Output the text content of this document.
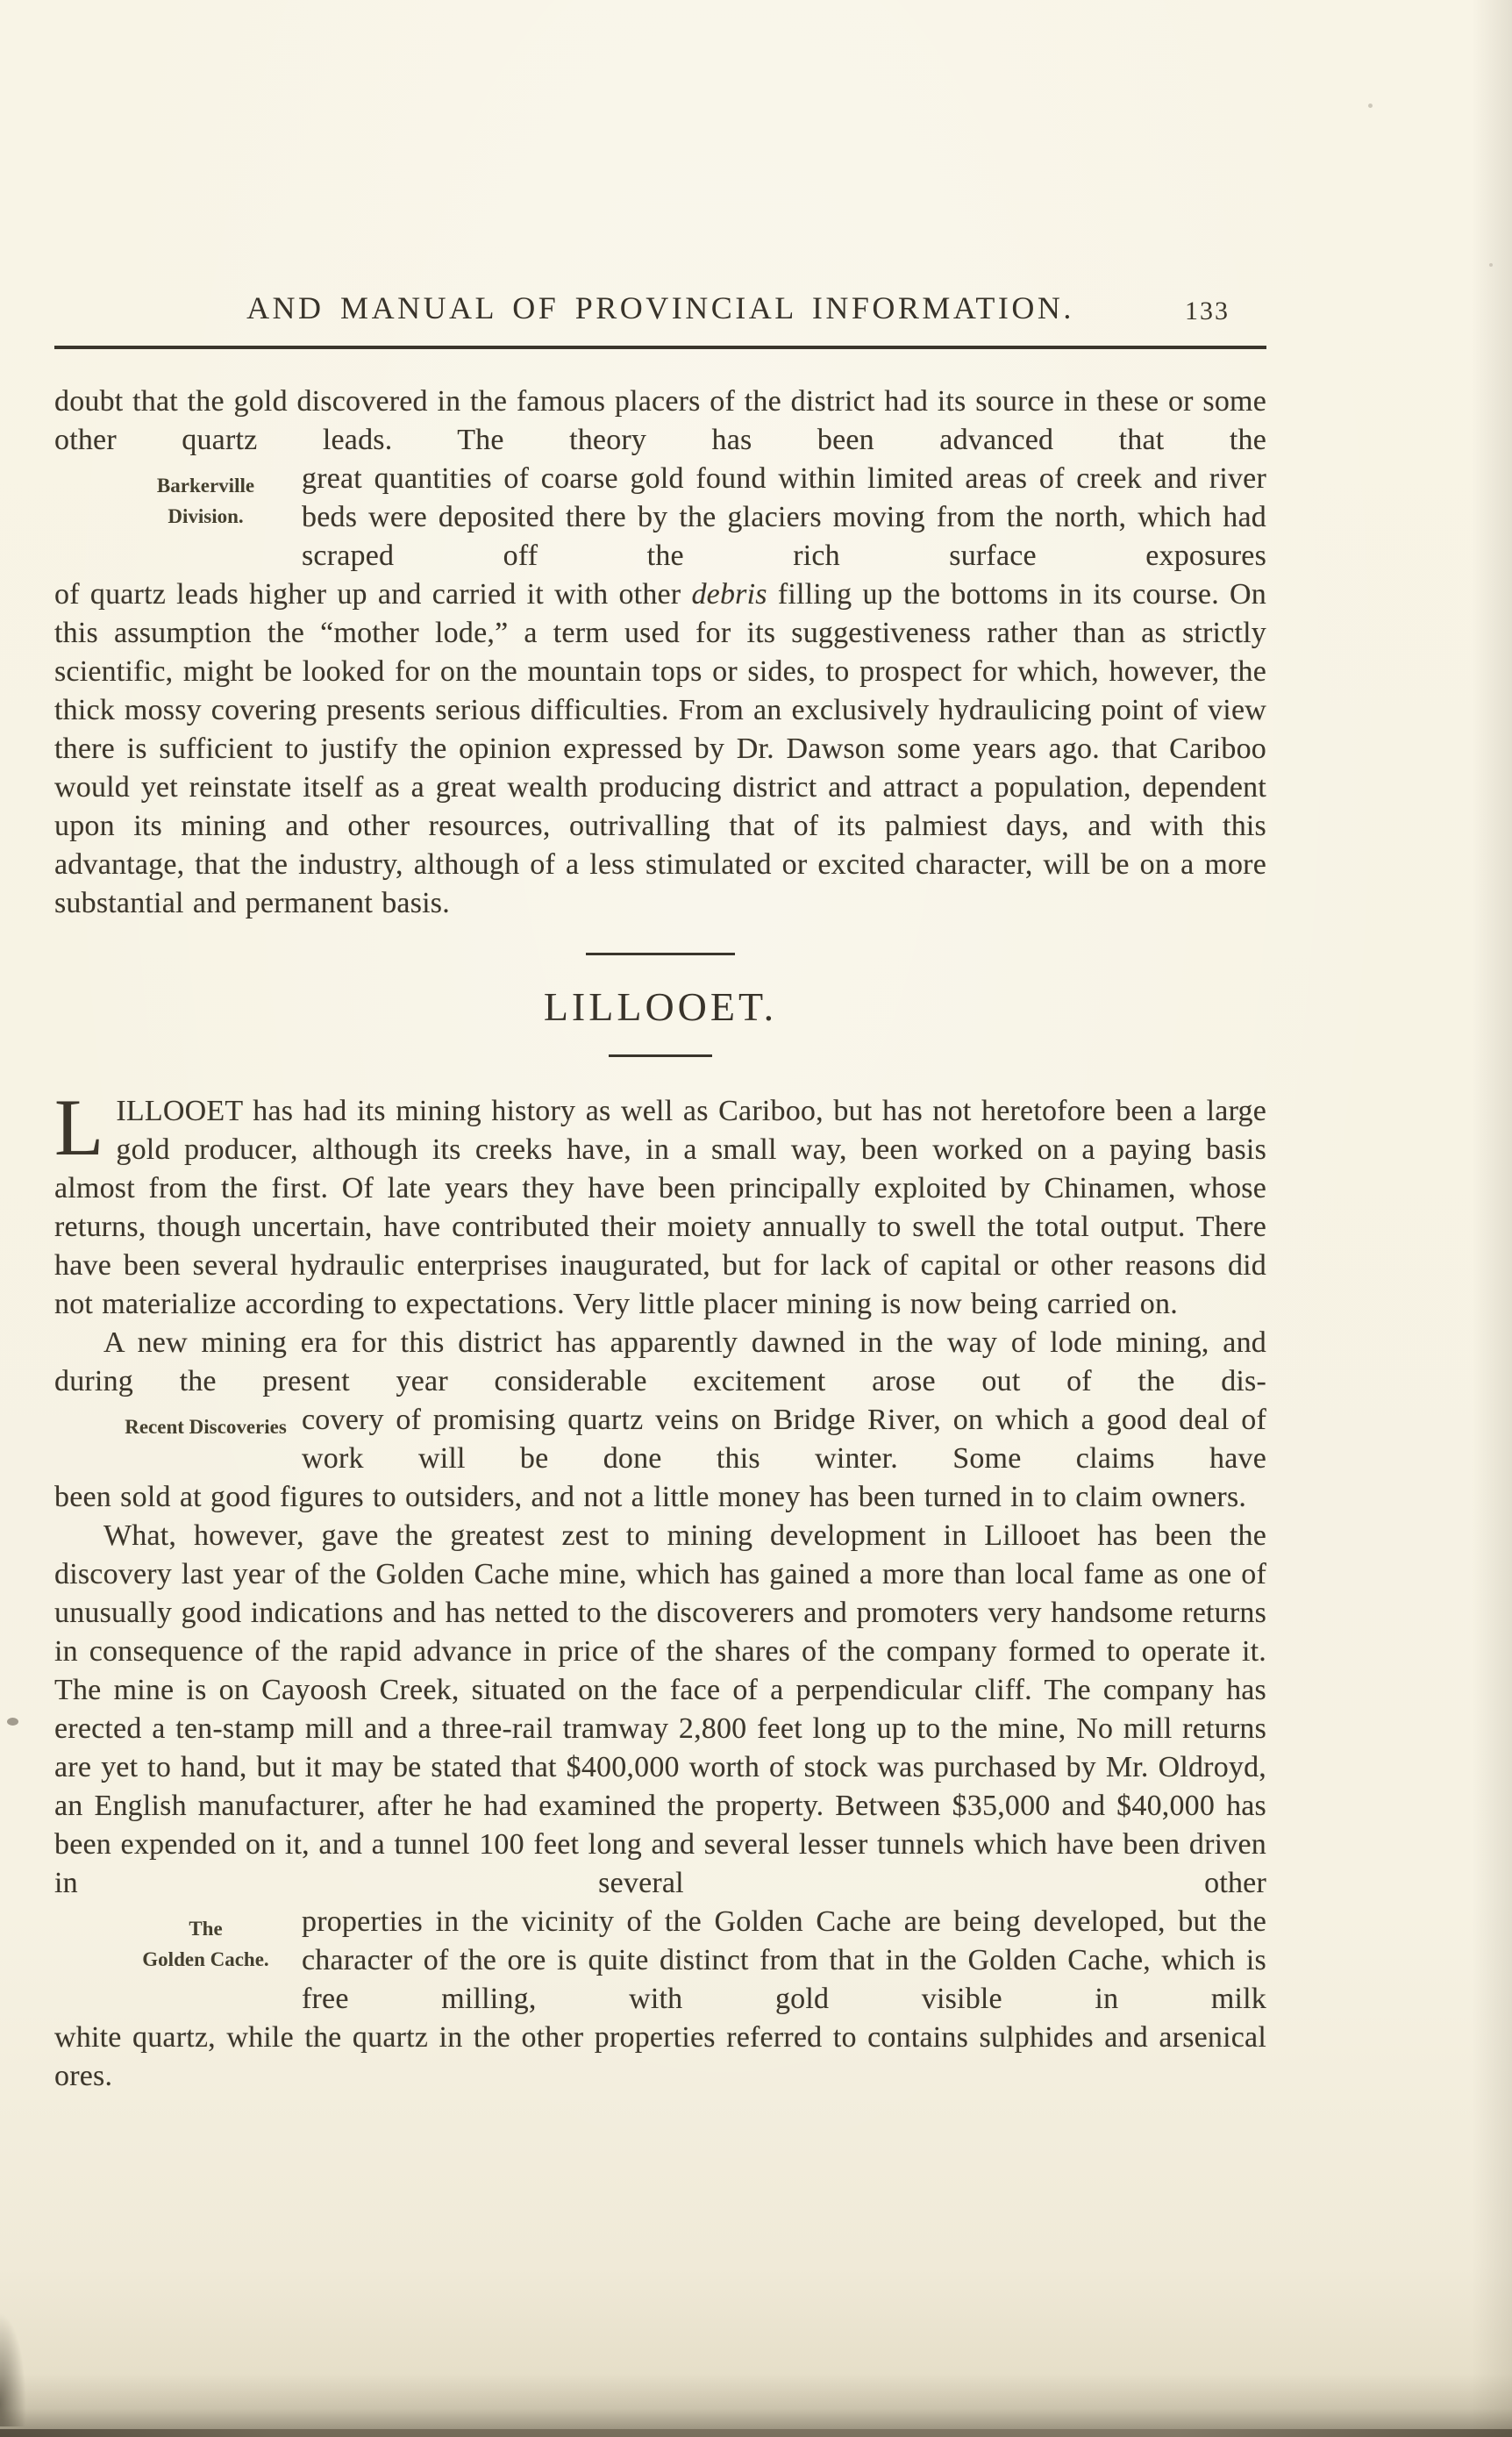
AND MANUAL OF PROVINCIAL INFORMATION.	133
doubt that the gold discovered in the famous placers of the district had its source in these or some other quartz leads. The theory has been advanced that the
Barkerville
Division.
great quantities of coarse gold found within limited areas of creek and river beds were deposited there by the glaciers moving from the north, which had scraped off the rich surface exposures
of quartz leads higher up and carried it with other debris filling up the bottoms in its course. On this assumption the “mother lode,” a term used for its suggestiveness rather than as strictly scientific, might be looked for on the mountain tops or sides, to prospect for which, however, the thick mossy covering presents serious difficulties. From an exclusively hydraulicing point of view there is sufficient to justify the opinion expressed by Dr. Dawson some years ago. that Cariboo would yet reinstate itself as a great wealth producing district and attract a population, dependent upon its mining and other resources, outrivalling that of its palmiest days, and with this advantage, that the industry, although of a less stimulated or excited character, will be on a more substantial and permanent basis.
LILLOOET.
LILLOOET has had its mining history as well as Cariboo, but has not heretofore been a large gold producer, although its creeks have, in a small way, been worked on a paying basis almost from the first. Of late years they have been principally exploited by Chinamen, whose returns, though uncertain, have contributed their moiety annually to swell the total output. There have been several hydraulic enterprises inaugurated, but for lack of capital or other reasons did not materialize according to expectations. Very little placer mining is now being carried on.
A new mining era for this district has apparently dawned in the way of lode mining, and during the present year considerable excitement arose out of the dis-
Recent Discoveries covery of promising quartz veins on Bridge River, on which a good deal of work will be done this winter. Some claims have
been sold at good figures to outsiders, and not a little money has been turned in to claim owners.
What, however, gave the greatest zest to mining development in Lillooet has been the discovery last year of the Golden Cache mine, which has gained a more than local fame as one of unusually good indications and has netted to the discoverers and promoters very handsome returns in consequence of the rapid advance in price of the shares of the company formed to operate it. The mine is on Cayoosh Creek, situated on the face of a perpendicular cliff. The company has erected a ten-stamp mill and a three-rail tramway 2,800 feet long up to the mine, No mill returns are yet to hand, but it may be stated that $400,000 worth of stock was purchased by Mr. Oldroyd, an English manufacturer, after he had examined the property. Between $35,000 and $40,000 has been expended on it, and a tunnel 100 feet long and several lesser tunnels which have been driven in several other
The
Golden Cache.
properties in the vicinity of the Golden Cache are being developed, but the character of the ore is quite distinct from that in the Golden Cache, which is free milling, with gold visible in milk
white quartz, while the quartz in the other properties referred to contains sulphides and arsenical ores.
